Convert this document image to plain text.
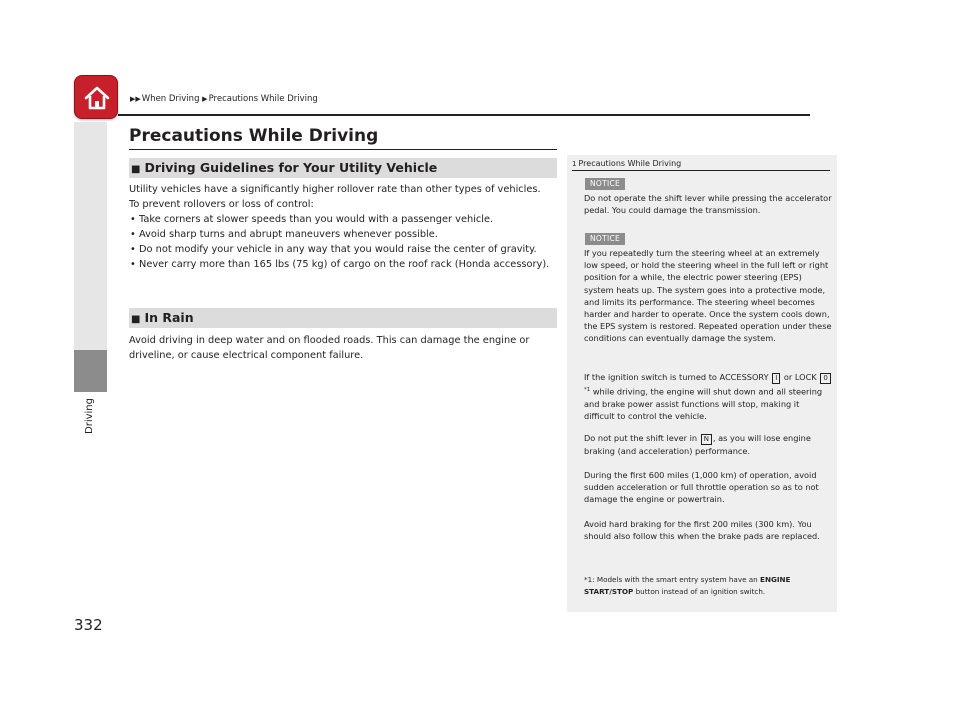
▶▶When Driving ▶Precautions While Driving
Driving
Precautions While Driving
■ Driving Guidelines for Your Utility Vehicle
Utility vehicles have a significantly higher rollover rate than other types of vehicles.
To prevent rollovers or loss of control:
• Take corners at slower speeds than you would with a passenger vehicle.
• Avoid sharp turns and abrupt maneuvers whenever possible.
• Do not modify your vehicle in any way that you would raise the center of gravity.
• Never carry more than 165 lbs (75 kg) of cargo on the roof rack (Honda accessory).
■ In Rain
Avoid driving in deep water and on flooded roads. This can damage the engine or driveline, or cause electrical component failure.
1 Precautions While Driving
NOTICE
Do not operate the shift lever while pressing the accelerator pedal. You could damage the transmission.
NOTICE
If you repeatedly turn the steering wheel at an extremely low speed, or hold the steering wheel in the full left or right position for a while, the electric power steering (EPS) system heats up. The system goes into a protective mode, and limits its performance. The steering wheel becomes harder and harder to operate. Once the system cools down, the EPS system is restored. Repeated operation under these conditions can eventually damage the system.
If the ignition switch is turned to ACCESSORY I or LOCK 0$^{*1}$ while driving, the engine will shut down and all steering and brake power assist functions will stop, making it difficult to control the vehicle.
Do not put the shift lever in N , as you will lose engine braking (and acceleration) performance.
During the first 600 miles (1,000 km) of operation, avoid sudden acceleration or full throttle operation so as to not damage the engine or powertrain.
Avoid hard braking for the first 200 miles (300 km). You should also follow this when the brake pads are replaced.
*1: Models with the smart entry system have an ENGINE START/STOP button instead of an ignition switch.
332
